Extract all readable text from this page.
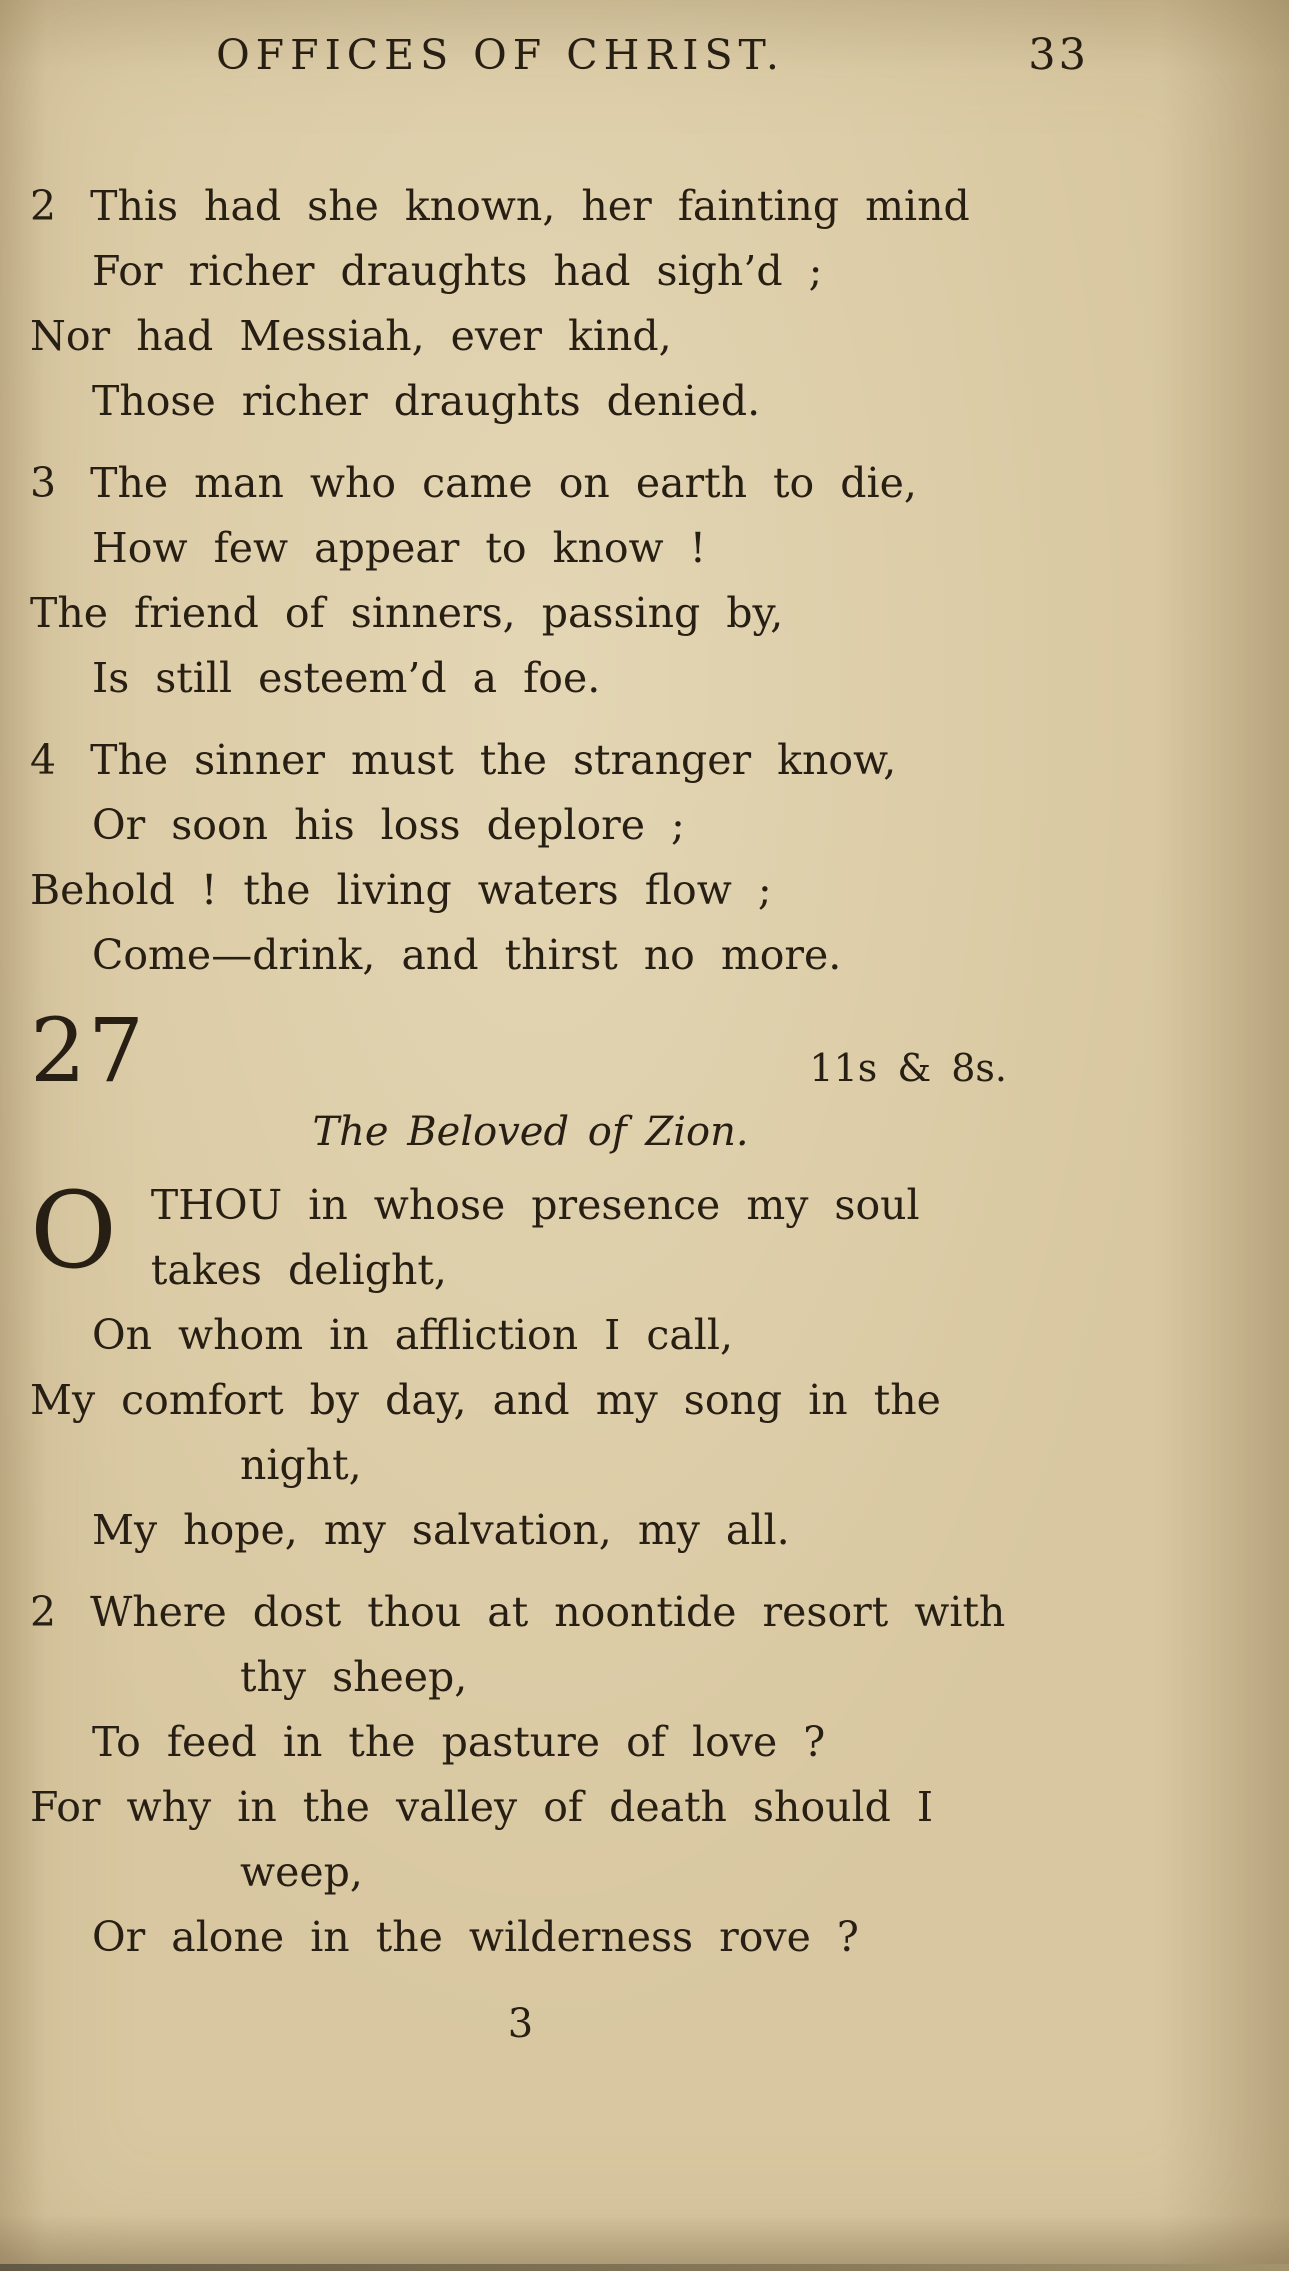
OFFICES OF CHRIST.	33
2 This had she known, her fainting mind
For richer draughts had sigh’d ;
Nor had Messiah, ever kind,
Those richer draughts denied.
3 The man who came on earth to die,
How few appear to know !
The friend of sinners, passing by,
Is still esteem’d a foe.
4 The sinner must the stranger know,
Or soon his loss deplore ;
Behold ! the living waters flow ;
Come—drink, and thirst no more.
27	11s & 8s.
The Beloved of Zion.
O THOU in whose presence my soul
takes delight,
On whom in affliction I call,
My comfort by day, and my song in the
night,
My hope, my salvation, my all.
2 Where dost thou at noontide resort with
thy sheep,
To feed in the pasture of love ?
For why in the valley of death should I
weep,
Or alone in the wilderness rove ?
3
